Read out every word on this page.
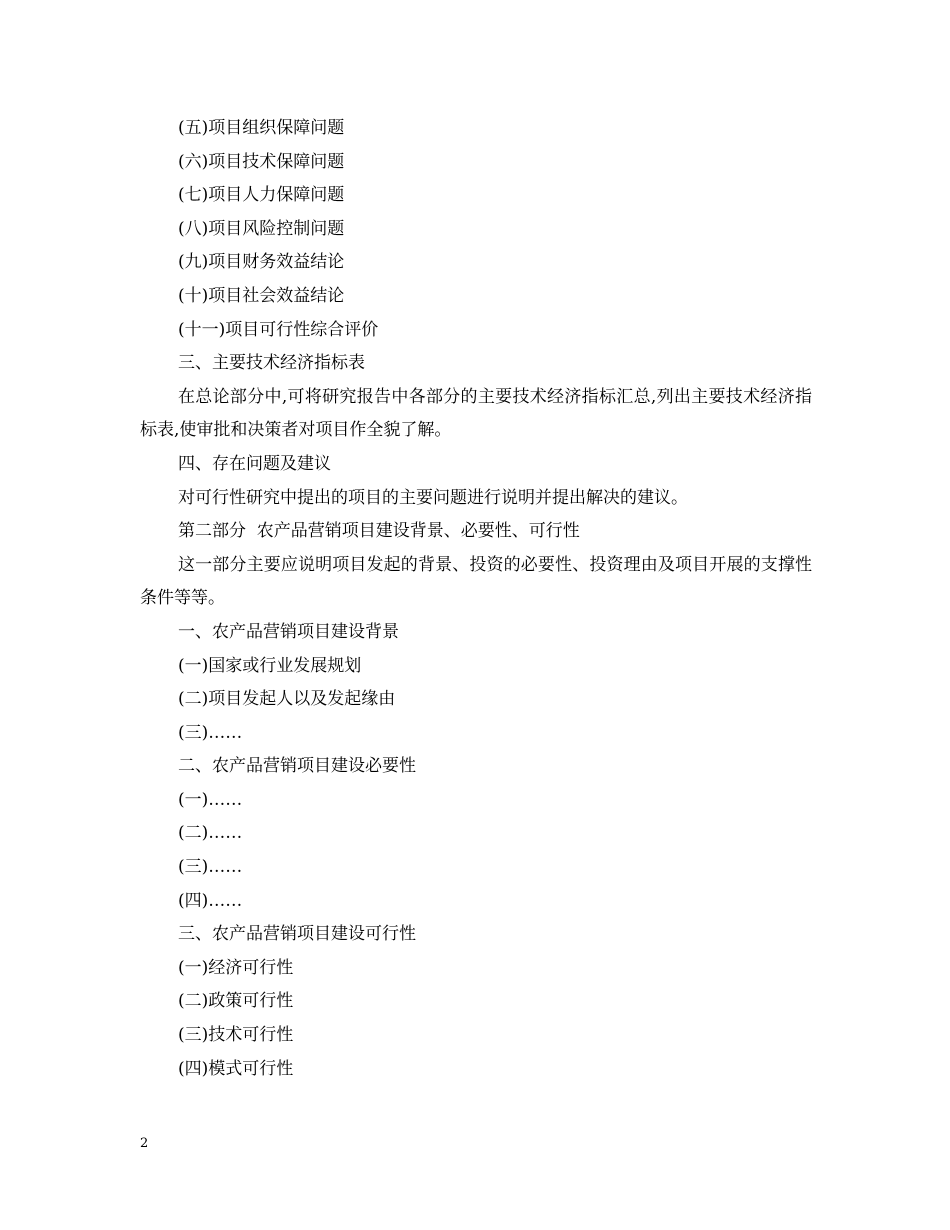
(五)项目组织保障问题
(六)项目技术保障问题
(七)项目人力保障问题
(八)项目风险控制问题
(九)项目财务效益结论
(十)项目社会效益结论
(十一)项目可行性综合评价
三、主要技术经济指标表

在总论部分中,可将研究报告中各部分的主要技术经济指标汇总,列出主要技术经济指标表,使审批和决策者对项目作全貌了解。

四、存在问题及建议
对可行性研究中提出的项目的主要问题进行说明并提出解决的建议。
第二部分  农产品营销项目建设背景、必要性、可行性

这一部分主要应说明项目发起的背景、投资的必要性、投资理由及项目开展的支撑性条件等等。

一、农产品营销项目建设背景
(一)国家或行业发展规划
(二)项目发起人以及发起缘由
(三)……
二、农产品营销项目建设必要性
(一)……
(二)……
(三)……
(四)……
三、农产品营销项目建设可行性
(一)经济可行性
(二)政策可行性
(三)技术可行性
(四)模式可行性
2
